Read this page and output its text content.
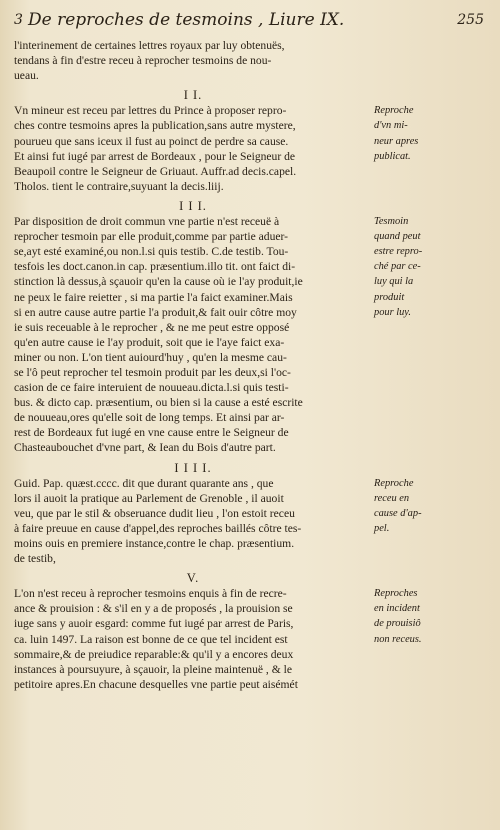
3 De reproches de tesmoins , Liure IX.	255
l'interinement de certaines lettres royaux par luy obtenuës,
tendans à fin d'estre receu à reprocher tesmoins de nou-
ueau.
I I.
Vn mineur est receu par lettres du Prince à proposer repro-	Reproche
ches contre tesmoins apres la publication,sans autre mystere,	d'vn mi-
pourueu que sans iceux il fust au poinct de perdre sa cause.	neur apres
Et ainsi fut iugé par arrest de Bordeaux , pour le Seigneur de	publicat.
Beaupoil contre le Seigneur de Griuaut. Auffr.ad decis.capel.
Tholos. tient le contraire,suyuant la decis.liij.
I I I.
Par disposition de droit commun vne partie n'est receuë à	Tesmoin
reprocher tesmoin par elle produit,comme par partie aduer-	quand peut
se,ayt esté examiné,ou non.l.si quis testib. C.de testib. Tou-	estre repro-
tesfois les doct.canon.in cap. præsentium.illo tit. ont faict di-	ché par ce-
stinction là dessus,à sçauoir qu'en la cause où ie l'ay produit,ie	luy qui la
ne peux le faire reietter , si ma partie l'a faict examiner.Mais	produit
si en autre cause autre partie l'a produit,& fait ouir côtre moy	pour luy.
ie suis receuable à le reprocher , & ne me peut estre opposé
qu'en autre cause ie l'ay produit, soit que ie l'aye faict exa-
miner ou non. L'on tient auiourd'huy , qu'en la mesme cau-
se l'ô peut reprocher tel tesmoin produit par les deux,si l'oc-
casion de ce faire interuient de nouueau.dicta.l.si quis testi-
bus. & dicto cap. præsentium, ou bien si la cause a esté escrite
de nouueau,ores qu'elle soit de long temps. Et ainsi par ar-
rest de Bordeaux fut iugé en vne cause entre le Seigneur de
Chasteaubouchet d'vne part, & Iean du Bois d'autre part.
I I I I.
Guid. Pap. quæst.cccc. dit que durant quarante ans , que	Reproche
lors il auoit la pratique au Parlement de Grenoble , il auoit	receu en
veu, que par le stil & obseruance dudit lieu , l'on estoit receu	cause d'ap-
à faire preuue en cause d'appel,des reproches baillés côtre tes-	pel.
moins ouis en premiere instance,contre le chap. præsentium.
de testib,
V.
L'on n'est receu à reprocher tesmoins enquis à fin de recre-	Reproches
ance & prouision : & s'il en y a de proposés , la prouision se	en incident
iuge sans y auoir esgard: comme fut iugé par arrest de Paris,	de prouisiô
ca. luin 1497. La raison est bonne de ce que tel incident est	non receus.
sommaire,& de preiudice reparable:& qu'il y a encores deux
instances à poursuyure, à sçauoir, la pleine maintenuë , & le
petitoire apres.En chacune desquelles vne partie peut aisémét
